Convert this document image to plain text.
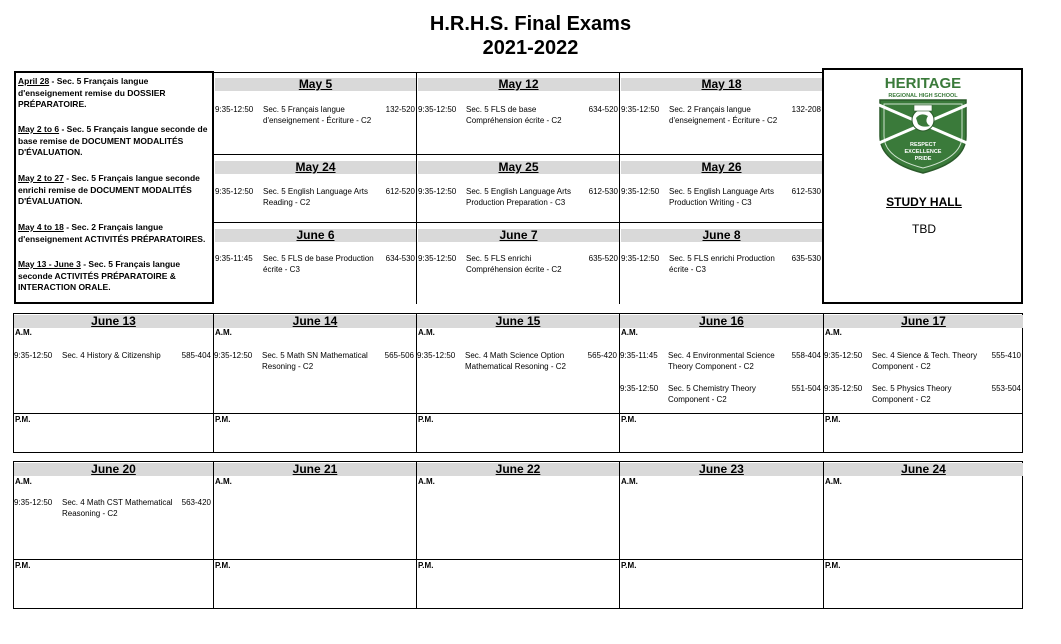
H.R.H.S. Final Exams
2021-2022
April 28 - Sec. 5 Français langue d'enseignement remise du DOSSIER PRÉPARATOIRE.
May 2 to 6 - Sec. 5 Français langue seconde de base remise de DOCUMENT MODALITÉS D'ÉVALUATION.
May 2 to 27 - Sec. 5 Français langue seconde enrichi remise de DOCUMENT MODALITÉS D'ÉVALUATION.
May 4 to 18 - Sec. 2 Français langue d'enseignement ACTIVITÉS PRÉPARATOIRES.
May 13 - June 3 - Sec. 5 Français langue seconde ACTIVITÉS PRÉPARATOIRE & INTERACTION ORALE.
HERITAGE
REGIONAL HIGH SCHOOL
RESPECT
EXCELLENCE
PRIDE
STUDY HALL
TBD
May 5
9:35-12:50 Sec. 5 Français langue d'enseignement - Écriture - C2
132-520
May 12
9:35-12:50 Sec. 5 FLS de base Compréhension écrite - C2
634-520
May 18
9:35-12:50 Sec. 2 Français langue d'enseignement - Écriture - C2
132-208
May 24
9:35-12:50 Sec. 5 English Language Arts Reading - C2
612-520
May 25
9:35-12:50 Sec. 5 English Language Arts Production Preparation - C3
612-530
May 26
9:35-12:50 Sec. 5 English Language Arts Production Writing - C3
612-530
June 6
9:35-11:45 Sec. 5 FLS de base Production écrite - C3
634-530
June 7
9:35-12:50 Sec. 5 FLS enrichi Compréhension écrite - C2
635-520
June 8
9:35-12:50 Sec. 5 FLS enrichi Production écrite - C3
635-530
June 13
A.M.
P.M.
9:35-12:50 Sec. 4 History & Citizenship	585-404
June 14
A.M.
P.M.
9:35-12:50 Sec. 5 Math SN Mathematical Resoning - C2
565-506
June 15
A.M.
P.M.
9:35-12:50 Sec. 4 Math Science Option Mathematical Resoning - C2
565-420
June 16
A.M.
P.M.
9:35-11:45 Sec. 4 Environmental Science Theory Component - C2
558-404
9:35-12:50 Sec. 5 Chemistry Theory Component - C2
551-504
June 17
A.M.
P.M.
9:35-12:50 Sec. 4 Sience & Tech. Theory Component - C2
555-410
9:35-12:50 Sec. 5 Physics Theory Component - C2
553-504
June 20
A.M.
P.M.
9:35-12:50 Sec. 4 Math CST Mathematical Reasoning - C2
563-420
June 21
A.M.
P.M.
June 22
A.M.
P.M.
June 23
A.M.
P.M.
June 24
A.M.
P.M.
